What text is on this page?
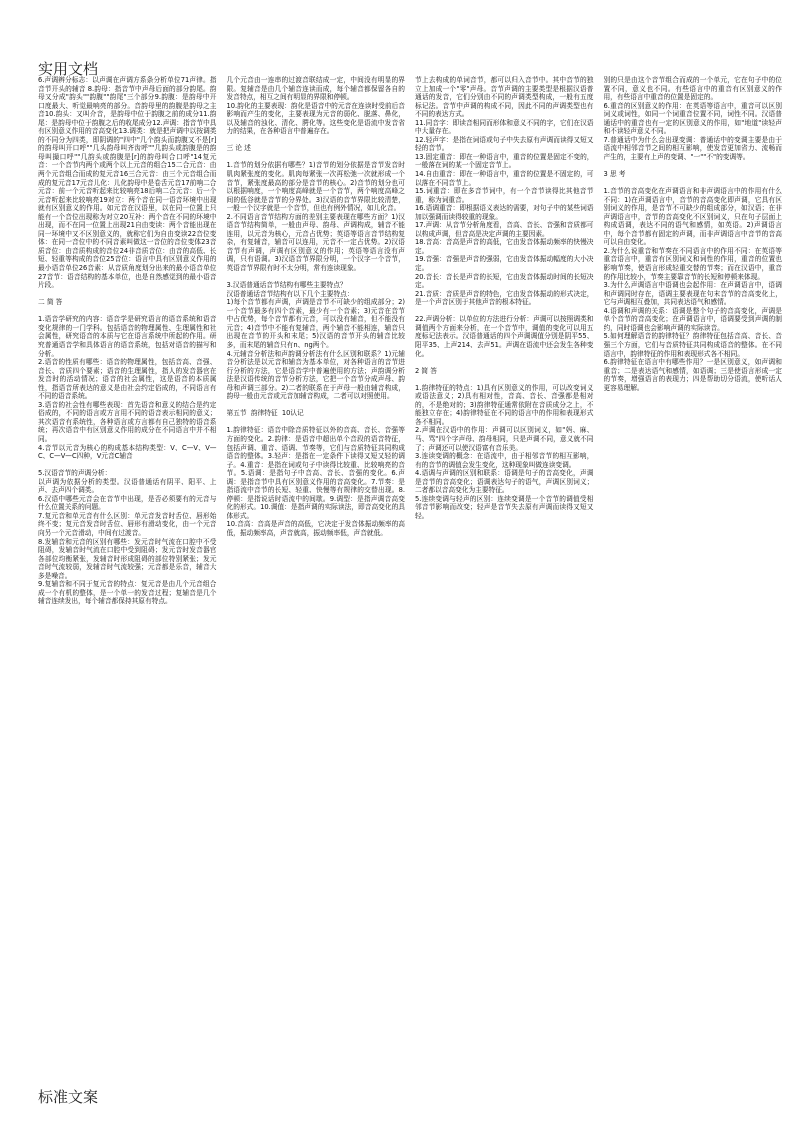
实用文档

6.声调辨分标志：以声调在声调方系条分析单位71声律。指音节开头的辅音 8.韵母：指音节中声母后面的部分韵尾。韵母又分成"韵头""韵腹""韵尾"三个部分9.韵腹：是韵母中开口度最大、听觉最响亮的部分。音韵母里的韵腹是韵母之主音10.韵头：又叫介音，是韵母中位于韵腹之前的成分11.韵尾：是韵母中位于韵腹之后的收尾成分12.声调：指音节中具有区别意义作用的音高变化13.调类：就是把声调中以按调类的不同分为四类，即阴调的"四中"几个韵头而韵腹又不是[r]的韵母叫开口呼""几头韵母叫齐齿呼""几韵头或韵腹是的韵母叫撮口呼""几韵头或韵腹是[r]的韵母叫合口呼"14复元音：一个音节内两个或两个以上元音的组合15二合元音：由两个元音组合而成的复元音16三合元音：由三个元音组合而成的复元音17元音儿化：儿化韵母中是卷舌元音17前响二合元音：前一个元音听起来比较响亮18后响二合元音：后一个元音听起来比较响亮19对立：两个音在同一语音环境中出现就有区别意义的作用。如元音在汉语里，以在同一位置上只能有一个音位出现称为对立20互补：两个音在不同的环境中出现，而不在同一位置上出现21自由变读：两个音能出现在同一环境中又不区别意义的，就称它们为自由变读22音位变体：在同一音位中的不同音素叫做这一音位的音位变体23音质音位：由音质构成的音位24非音质音位：由音的高低、长短、轻重等构成的音位25音位：语言中具有区别意义作用的最小语音单位26音素：从音质角度划分出来的最小语音单位27音节：语音结构的基本单位，也是自然感觉到的最小语音片段。

二 简 答

1.语音学研究的内容：语音学是研究语言的语音系统和语音变化规律的一门学科。包括语音的物理属性、生理属性和社会属性，研究语音的本质与它在语言系统中所起的作用。研究普通语音学和具体语言的语音系统，包括对语音的描写和分析。
2.语音的性质有哪些：语音的物理属性，包括音高、音强、音长、音质四个要素；语音的生理属性，指人的发音器官在发音时的活动情况；语音的社会属性，这是语音的本质属性，指语音所表达的意义是由社会约定俗成的，不同语言有不同的语音系统。
3.语音的社会性有哪些表现：首先语音和意义的结合是约定俗成的，不同的语言或方言用不同的语音表示相同的意义；其次语音有系统性，各种语言或方言都有自己独特的语音系统；再次语音中有区别意义作用的成分在不同语言中并不相同。
4.音节以元音为核心的构成基本结构类型：V、C—V、V—C、C—V—C四种，V元音C辅音

5.汉语音节的声调分析：
以声调为依据分析的类型。汉语普通话有阴平、阳平、上声、去声四个调类。
6.汉语中哪些元音会在音节中出现，是否必须要有的元音与什么位置关系的问题。
7.复元音和单元音有什么区别：单元音发音时舌位、唇形始终不变；复元音发音时舌位、唇形有滑动变化，由一个元音向另一个元音滑动，中间有过渡音。
8.发辅音和元音的区别有哪些：发元音时气流在口腔中不受阻碍，发辅音时气流在口腔中受到阻碍；发元音时发音器官各部位均衡紧张，发辅音时形成阻碍的部位特别紧张；发元音时气流较弱，发辅音时气流较强；元音都是乐音，辅音大多是噪音。
9.复辅音和不同于复元音的特点：复元音是由几个元音组合成一个有机的整体，是一个单一的发音过程；复辅音是几个辅音连续发出，每个辅音都保持其原有特点。

几个元音由一连串的过渡音联结成一定，中间没有明显的界限。复辅音是由几个辅音连读而成，每个辅音都保留各自的发音特点，相互之间有明显的界限和停顿。
10.韵化的主要表现：韵化是语音中的元音在连读时受前后音影响而产生的变化，主要表现为元音的弱化、脱落、鼻化，以及辅音的浊化、清化、腭化等。这些变化是语流中发音省力的结果，在各种语言中普遍存在。

三 论 述

1.音节的划分依据有哪些？1)音节的划分依据是音节发音时肌肉紧张度的变化。肌肉每紧张一次再松弛一次就形成一个音节，紧张度最高的部分是音节的核心。2)音节的划分也可以根据响度，一个响度高峰就是一个音节，两个响度高峰之间的低谷就是音节的分界处。3)汉语的音节界限比较清楚，一般一个汉字就是一个音节，但也有例外情况，如儿化音。
2.不同语言音节结构方面的差别主要表现在哪些方面？1)汉语音节结构简单，一般由声母、韵母、声调构成，辅音不能连用，以元音为核心，元音占优势；英语等语言音节结构复杂，有复辅音，辅音可以连用，元音不一定占优势。2)汉语音节有声调，声调有区别意义的作用；英语等语言没有声调，只有语调。3)汉语音节界限分明，一个汉字一个音节，英语音节界限有时不太分明，常有连读现象。

3.汉语普通话音节结构有哪些主要特点？
汉语普通话音节结构有以下几个主要特点：
1)每个音节都有声调，声调是音节不可缺少的组成部分；2)一个音节最多有四个音素，最少有一个音素；3)元音在音节中占优势，每个音节都有元音，可以没有辅音，但不能没有元音；4)音节中不能有复辅音，两个辅音不能相连，辅音只出现在音节的开头和末尾；5)汉语的音节开头的辅音比较多，而末尾的辅音只有n、ng两个。
4.元辅音分析法和声韵调分析法有什么区别和联系？1)元辅音分析法是以元音和辅音为基本单位，对各种语言的音节进行分析的方法，它是语音学中普遍使用的方法；声韵调分析法是汉语传统的音节分析方法，它把一个音节分成声母、韵母和声调三部分。2)二者的联系在于声母一般由辅音构成，韵母一般由元音或元音加辅音构成，二者可以对照使用。

第五节  韵律特征  10认记

1.韵律特征：语音中除音质特征以外的音高、音长、音强等方面的变化。2.韵律：是语音中超出单个音段的语音特征，包括声调、重音、语调、节奏等，它们与音质特征共同构成语音的整体。3.轻声：是指在一定条件下读得又短又轻的调子。4.重音：是指在词或句子中读得比较重、比较响亮的音节。5.语调：是指句子中音高、音长、音强的变化。6.声调：是指音节中具有区别意义作用的音高变化。7.节奏：是指语流中音节的长短、轻重、快慢等有规律的交替出现。8.停顿：是指说话时语流中的间歇。9.调型：是指声调音高变化的形式。10.调值：是指声调的实际读法，即音高变化的具体形式。
10.音高：音高是声音的高低，它决定于发音体振动频率的高低，振动频率高，声音就高，振动频率低，声音就低。

节上去构成的单词音节，都可以归入音节中。其中音节的独立上加成一个"零"声母。音节声调的主要类型是根据汉语普通话的发音，它们分别由不同的声调类型构成，一般有五度标记法。音节中声调的构成不同，因此不同的声调类型也有不同的表达方式。
11.同音字：即读音相同而形体和意义不同的字，它们在汉语中大量存在。
12.轻声字：是指在词语或句子中失去原有声调而读得又短又轻的音节。
13.固定重音：即在一种语言中，重音的位置是固定不变的，一般落在词的某一个固定音节上。
14.自由重音：即在一种语言中，重音的位置是不固定的，可以落在不同音节上。
15.词重音：即在多音节词中，有一个音节读得比其他音节重，称为词重音。
16.语调重音：即根据语义表达的需要，对句子中的某些词语加以强调而读得较重的现象。
17.声调：从音节分析角度看，音高、音长、音强和音质都可以构成声调，但音高是决定声调的主要因素。
18.音高：音高是声音的高低，它由发音体振动频率的快慢决定。
19.音强：音强是声音的强弱，它由发音体振动幅度的大小决定。
20.音长：音长是声音的长短，它由发音体振动时间的长短决定。
21.音质：音质是声音的特色，它由发音体振动的形式决定，是一个声音区别于其他声音的根本特征。

22.声调分析：以单位的方法进行分析：声调可以按照调类和调值两个方面来分析，在一个音节中，调值的变化可以用五度标记法表示。汉语普通话的四个声调调值分别是阴平55、阳平35、上声214、去声51。声调在语流中还会发生各种变化。

2 简 答

1.韵律特征的特点：1)具有区别意义的作用，可以改变词义或语法意义；2)具有相对性，音高、音长、音强都是相对的，不是绝对的；3)韵律特征通常依附在音质成分之上，不能独立存在；4)韵律特征在不同的语言中的作用和表现形式各不相同。
2.声调在汉语中的作用：声调可以区别词义，如"妈、麻、马、骂"四个字声母、韵母相同，只是声调不同，意义就不同了；声调还可以使汉语富有音乐美。
3.连读变调的概念：在语流中，由于相邻音节的相互影响，有的音节的调值会发生变化，这种现象叫做连读变调。
4.语调与声调的区别和联系：语调是句子的音高变化，声调是音节的音高变化；语调表达句子的语气，声调区别词义；二者都以音高变化为主要特征。
5.连续变调与轻声的区别：连续变调是一个音节的调值受相邻音节影响而改变；轻声是音节失去原有声调而读得又短又轻。

别的只是由这个音节组合而成的一个单元，它在句子中的位置不同，意义也不同。有些语言中的重音有区别意义的作用，有些语言中重音的位置是固定的。
6.重音的区别意义的作用：在英语等语言中，重音可以区别词义或词性，如同一个词重音位置不同，词性不同。汉语普通话中的重音也有一定的区别意义的作用，如"地道"读轻声和不读轻声意义不同。
7.普通话中为什么会出现变调：普通话中的变调主要是由于语流中相邻音节之间的相互影响，使发音更加省力、流畅而产生的，主要有上声的变调、"一""不"的变调等。

3 思 考

1.音节的音高变化在声调语言和非声调语言中的作用有什么不同：1)在声调语言中，音节的音高变化即声调，它具有区别词义的作用，是音节不可缺少的组成部分，如汉语；在非声调语言中，音节的音高变化不区别词义，只在句子层面上构成语调，表达不同的语气和感情，如英语。2)声调语言中，每个音节都有固定的声调，而非声调语言中音节的音高可以自由变化。
2.为什么说重音和节奏在不同语言中的作用不同：在英语等重音语言中，重音有区别词义和词性的作用，重音的位置也影响节奏，使语言形成轻重交替的节奏；而在汉语中，重音的作用比较小，节奏主要靠音节的长短和停顿来体现。
3.为什么声调语言中语调也会起作用：在声调语言中，语调和声调同时存在，语调主要表现在句末音节的音高变化上，它与声调相互叠加，共同表达语气和感情。
4.语调和声调的关系：语调是整个句子的音高变化，声调是单个音节的音高变化；在声调语言中，语调要受到声调的制约，同时语调也会影响声调的实际读音。
5.如何理解语音的韵律特征？韵律特征包括音高、音长、音强三个方面，它们与音质特征共同构成语音的整体。在不同语言中，韵律特征的作用和表现形式各不相同。
6.韵律特征在语言中有哪些作用？一是区别意义，如声调和重音；二是表达语气和感情，如语调；三是使语言形成一定的节奏，增强语言的表现力；四是帮助切分语流，使听话人更容易理解。

标准文案
